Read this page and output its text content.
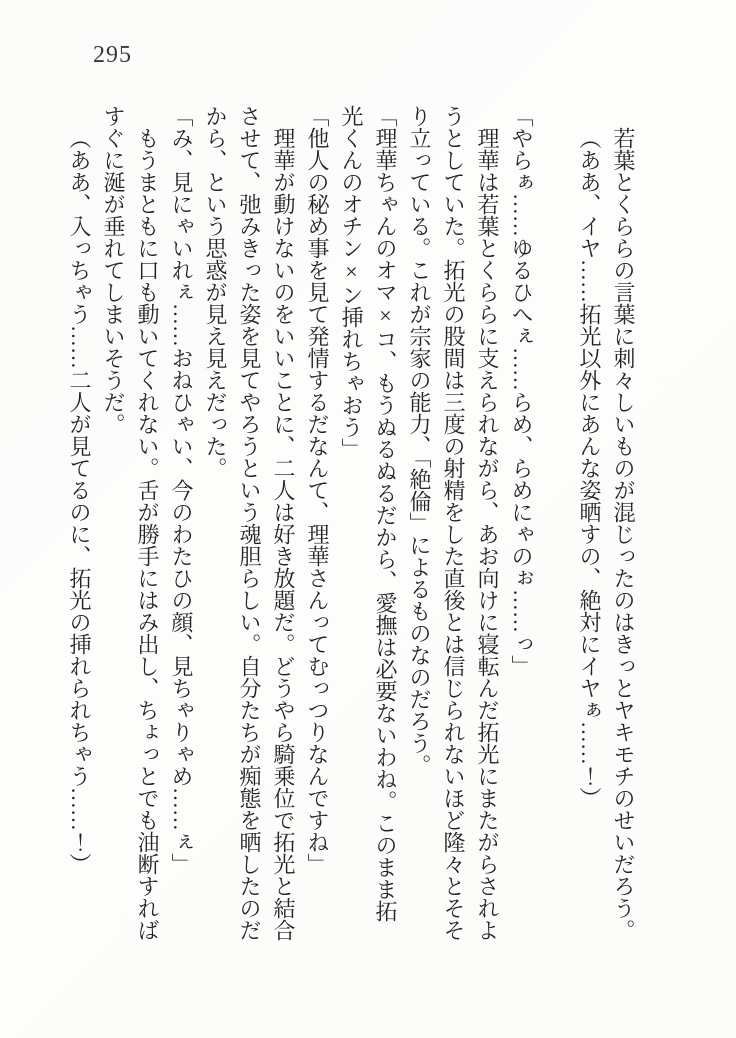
295

若葉とくららの言葉に刺々しいものが混じったのはきっとヤキモチのせいだろう。

（ああ、イヤ……拓光以外にあんな姿晒すの、絶対にイヤぁ……！）

「やらぁ……ゆるひへぇ……らめ、らめにゃのぉ……っ」

理華は若葉とくららに支えられながら、あお向けに寝転んだ拓光にまたがらされようとしていた。拓光の股間は三度の射精をした直後とは信じられないほど隆々とそそり立っている。これが宗家の能力、「絶倫」によるものなのだろう。

「理華ちゃんのオマ×コ、もうぬるぬるだから、愛撫は必要ないわね。このまま拓光くんのオチン×ン挿れちゃおう」

「他人の秘め事を見て発情するだなんて、理華さんってむっつりなんですね」

理華が動けないのをいいことに、二人は好き放題だ。どうやら騎乗位で拓光と結合させて、弛みきった姿を見てやろうという魂胆らしい。自分たちが痴態を晒したのだから、という思惑が見え見えだった。

「み、見にゃいれぇ……おねひゃい、今のわたひの顔、見ちゃりゃめ……ぇ」

もうまともに口も動いてくれない。舌が勝手にはみ出し、ちょっとでも油断すればすぐに涎が垂れてしまいそうだ。

（ああ、入っちゃう……二人が見てるのに、拓光の挿れられちゃう……！）
